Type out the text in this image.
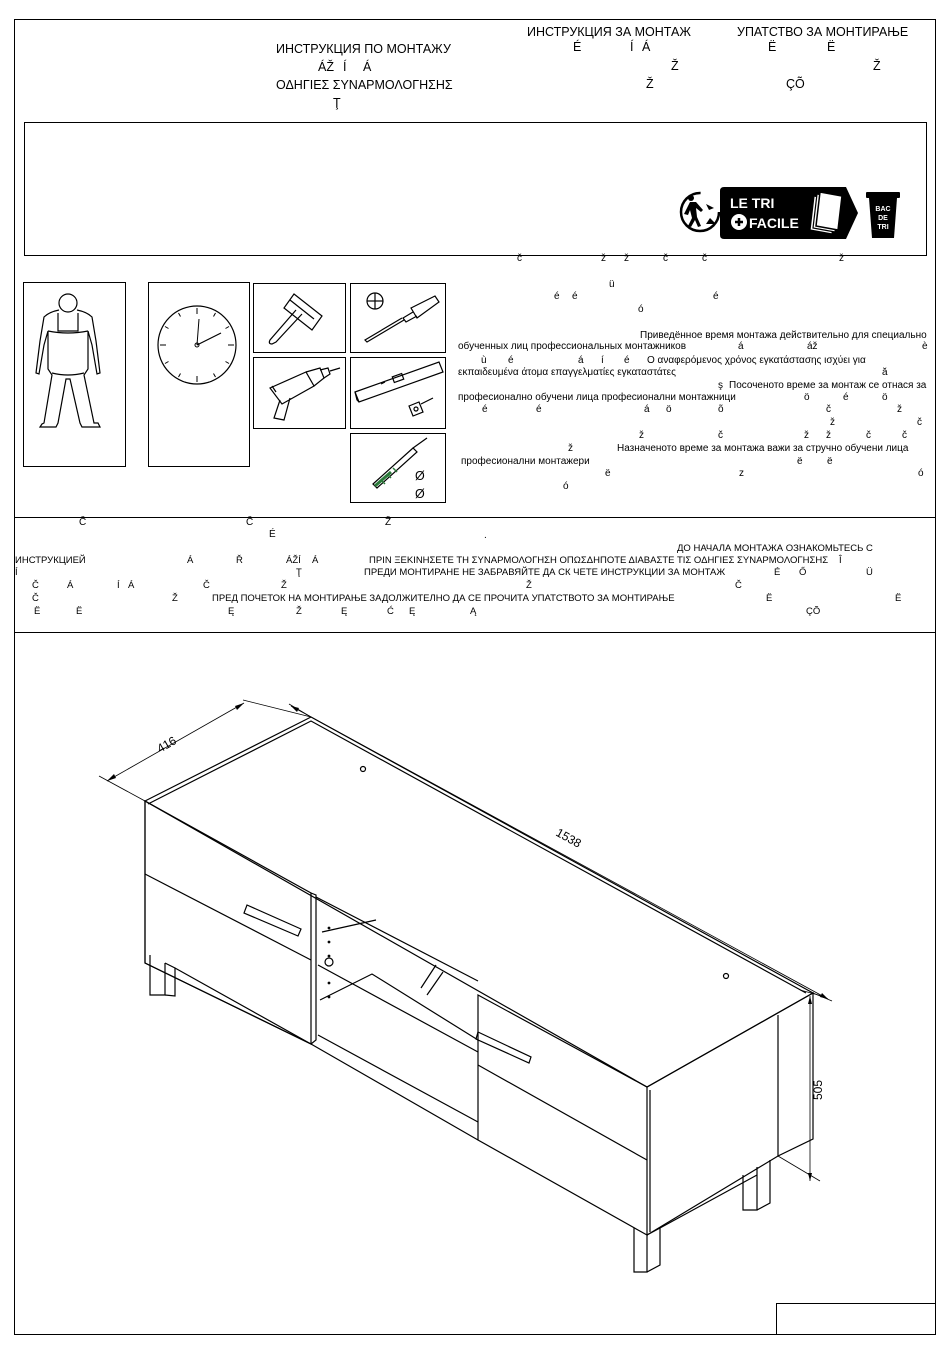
ИНСТРУКЦИЯ ЗА МОНТАЖ	УПАТСТВО ЗА МОНТИРАЊЕ
ИНСТРУКЦИЯ ПО МОНТАЖУ
ΟΔΗΓΙΕΣ ΣΥΝΑΡΜΟΛΟΓΗΣΗΣ
É	Í Á	Ë	Ë
ÁŽ Í Á	Ž	Ž
Ž	ÇÕ
Ţ
LE TRI
FACILE
BAC
DE
TRI
Ø
Ø
č	ž ž	č	č	ž
ü
é é	é
ó
Приведённое время монтажа действительно для специально
обученных лиц профессиональных монтажников	á	áž	è
ù é	á í é Ο αναφερόμενος χρόνος εγκατάστασης ισχύει για
εκπαιδευμένα άτομα επαγγελματίες εγκαταστάτες	ă
ş Посоченото време за монтаж се отнася за
професионално обучени лица професионални монтажници	ö	é	ö
é	é	á ö	õ	č	ž
ž	č
ž	č	ž ž	č	č
ž	Назначеното време за монтажа важи за стручно обучени лица
професионални монтажери	ë ë
ë	z	ó
ó
Č	Č	Ž
É	.
ДО НАЧАЛА МОНТАЖА ОЗНАКОМЬТЕСЬ С
ИНСТРУКЦИЕЙ	Á	Ř	ÁŽÍ Á	ΠΡΙΝ ΞΕΚΙΝΗΣΕΤΕ ΤΗ ΣΥΝΑΡΜΟΛΟΓΗΣΗ ΟΠΩΣΔΗΠΟΤΕ ΔΙΑΒΑΣΤΕ ΤΙΣ ΟΔΗΓΙΕΣ ΣΥΝΑΡΜΟΛΟΓΗΣΗΣ Î
Í	Ţ	ПРЕДИ МОНТИРАНЕ НЕ ЗАБРАВЯЙТЕ ДА СК ЧЕТЕ ИНСТРУКЦИИ ЗА МОНТАЖ	É Ő	Ü
Č	Á	Í Á	Č	Ž	Ž	Č
Č	Ž	ПРЕД ПОЧЕТОК НА МОНТИРАЊЕ ЗАДОЛЖИТЕЛНО ДА СЕ ПРОЧИТА УПАТСТВОТО ЗА МОНТИРАЊЕ	Ë	Ë
Ë	Ë	Ę	Ž	Ę	Ć Ę	Ą	ÇÕ
416
1538
505
